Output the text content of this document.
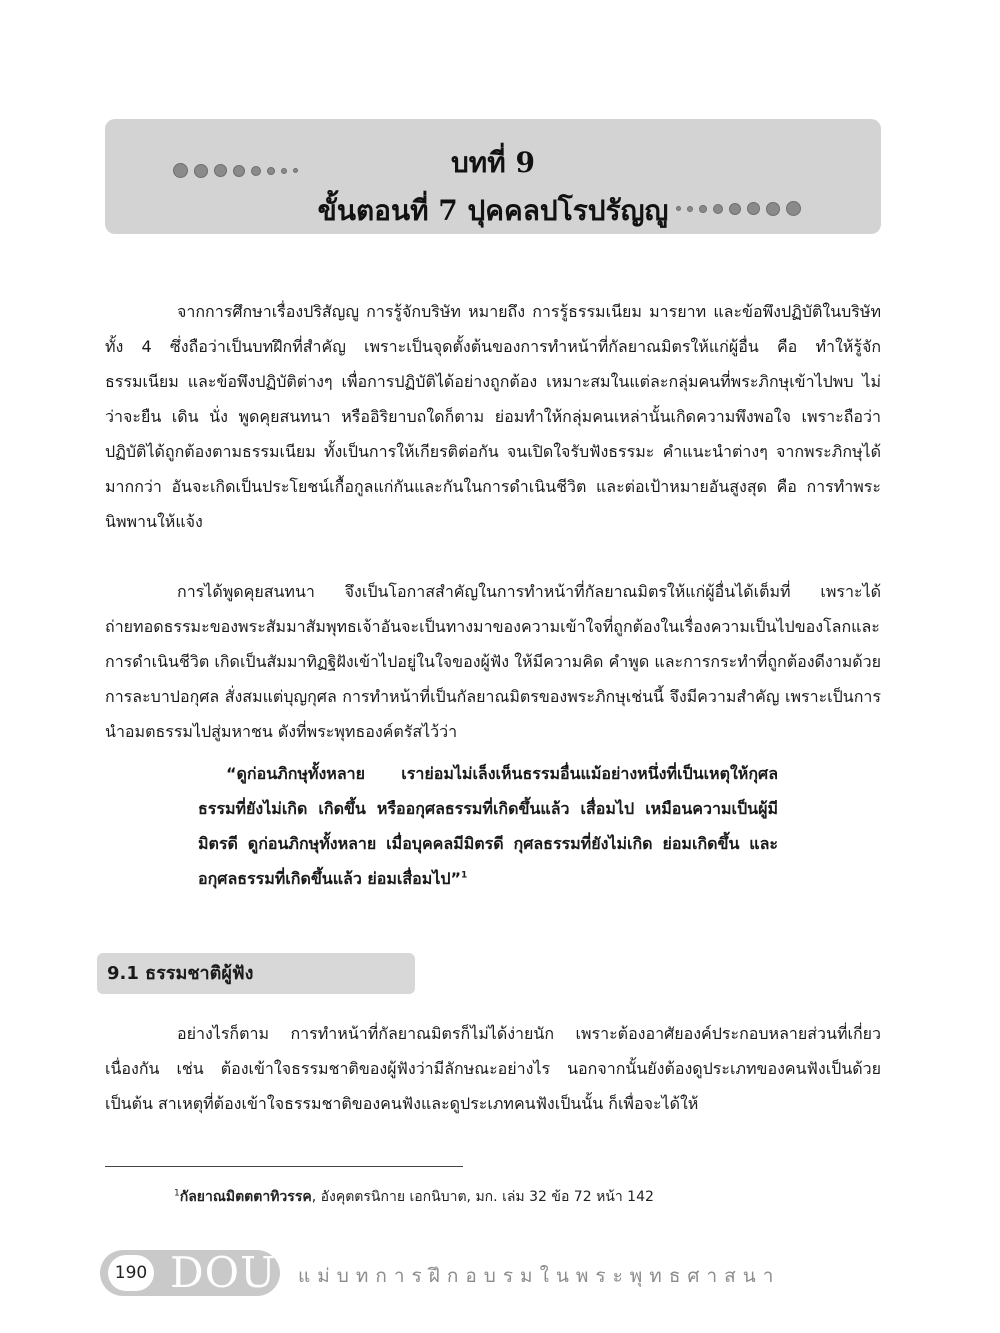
บทที่ 9
ขั้นตอนที่ 7 ปุคคลปโรปรัญญู

จากการศึกษาเรื่องปริสัญญู การรู้จักบริษัท หมายถึง การรู้ธรรมเนียม มารยาท และข้อพึงปฏิบัติในบริษัททั้ง 4 ซึ่งถือว่าเป็นบทฝึกที่สำคัญ เพราะเป็นจุดตั้งต้นของการทำหน้าที่กัลยาณมิตรให้แก่ผู้อื่น คือ ทำให้รู้จักธรรมเนียม และข้อพึงปฏิบัติต่างๆ เพื่อการปฏิบัติได้อย่างถูกต้อง เหมาะสมในแต่ละกลุ่มคนที่พระภิกษุเข้าไปพบ ไม่ว่าจะยืน เดิน นั่ง พูดคุยสนทนา หรืออิริยาบถใดก็ตาม ย่อมทำให้กลุ่มคนเหล่านั้นเกิดความพึงพอใจ เพราะถือว่าปฏิบัติได้ถูกต้องตามธรรมเนียม ทั้งเป็นการให้เกียรติต่อกัน จนเปิดใจรับฟังธรรมะ คำแนะนำต่างๆ จากพระภิกษุได้มากกว่า อันจะเกิดเป็นประโยชน์เกื้อกูลแก่กันและกันในการดำเนินชีวิต และต่อเป้าหมายอันสูงสุด คือ การทำพระนิพพานให้แจ้ง

การได้พูดคุยสนทนา จึงเป็นโอกาสสำคัญในการทำหน้าที่กัลยาณมิตรให้แก่ผู้อื่นได้เต็มที่ เพราะได้ถ่ายทอดธรรมะของพระสัมมาสัมพุทธเจ้าอันจะเป็นทางมาของความเข้าใจที่ถูกต้องในเรื่องความเป็นไปของโลกและการดำเนินชีวิต เกิดเป็นสัมมาทิฏฐิฝังเข้าไปอยู่ในใจของผู้ฟัง ให้มีความคิด คำพูด และการกระทำที่ถูกต้องดีงามด้วยการละบาปอกุศล สั่งสมแต่บุญกุศล การทำหน้าที่เป็นกัลยาณมิตรของพระภิกษุเช่นนี้ จึงมีความสำคัญ เพราะเป็นการนำอมตธรรมไปสู่มหาชน ดังที่พระพุทธองค์ตรัสไว้ว่า

“ดูก่อนภิกษุทั้งหลาย เราย่อมไม่เล็งเห็นธรรมอื่นแม้อย่างหนึ่งที่เป็นเหตุให้กุศลธรรมที่ยังไม่เกิด เกิดขึ้น หรืออกุศลธรรมที่เกิดขึ้นแล้ว เสื่อมไป เหมือนความเป็นผู้มีมิตรดี ดูก่อนภิกษุทั้งหลาย เมื่อบุคคลมีมิตรดี กุศลธรรมที่ยังไม่เกิด ย่อมเกิดขึ้น และอกุศลธรรมที่เกิดขึ้นแล้ว ย่อมเสื่อมไป”$^1$

9.1 ธรรมชาติผู้ฟัง

อย่างไรก็ตาม การทำหน้าที่กัลยาณมิตรก็ไม่ได้ง่ายนัก เพราะต้องอาศัยองค์ประกอบหลายส่วนที่เกี่ยวเนื่องกัน เช่น ต้องเข้าใจธรรมชาติของผู้ฟังว่ามีลักษณะอย่างไร นอกจากนั้นยังต้องดูประเภทของคนฟังเป็นด้วย เป็นต้น สาเหตุที่ต้องเข้าใจธรรมชาติของคนฟังและดูประเภทคนฟังเป็นนั้น ก็เพื่อจะได้ให้

$^1$กัลยาณมิตตตาทิวรรค, อังคุตตรนิกาย เอกนิบาต, มก. เล่ม 32 ข้อ 72 หน้า 142

190 DOU แม่บทการฝึกอบรมในพระพุทธศาสนา
